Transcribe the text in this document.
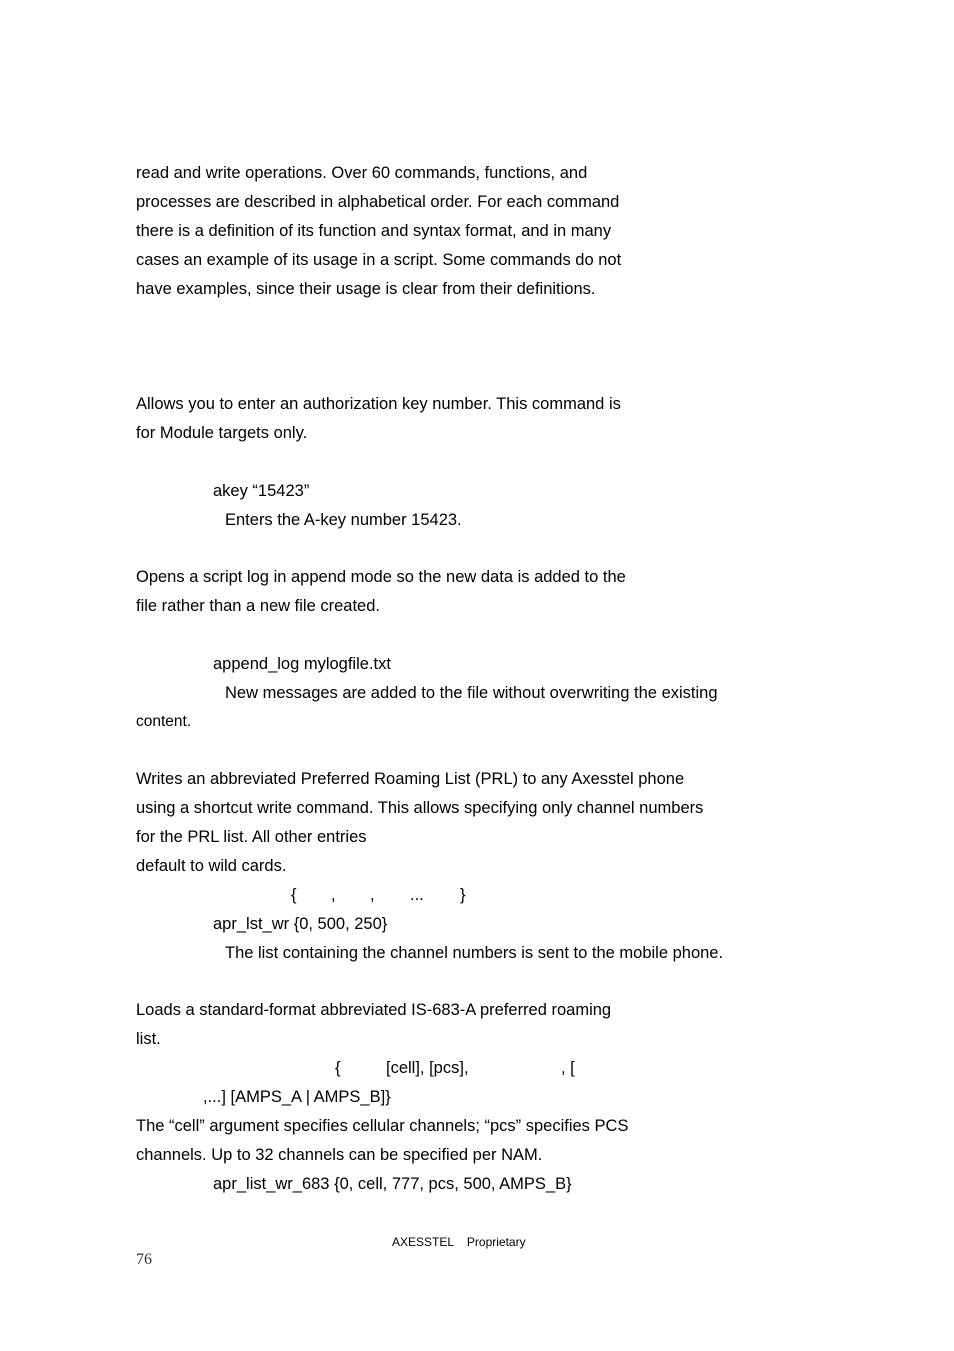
read and write operations. Over 60 commands, functions, and
processes are described in alphabetical order. For each command
there is a definition of its function and syntax format, and in many
cases an example of its usage in a script. Some commands do not
have examples, since their usage is clear from their definitions.
Allows you to enter an authorization key number. This command is
for Module targets only.
akey “15423”
Enters the A-key number 15423.
Opens a script log in append mode so the new data is added to the
file rather than a new file created.
append_log mylogfile.txt
New messages are added to the file without overwriting the existing
content.
Writes an abbreviated Preferred Roaming List (PRL) to any Axesstel phone
using a shortcut write command. This allows specifying only channel numbers
for the PRL list. All other entries
default to wild cards.
{ , , ... }
apr_lst_wr {0, 500, 250}
The list containing the channel numbers is sent to the mobile phone.
Loads a standard-format abbreviated IS-683-A preferred roaming
list.
{	[cell], [pcs],	, [
,...] [AMPS_A | AMPS_B]}
The “cell” argument specifies cellular channels; “pcs” specifies PCS
channels. Up to 32 channels can be specified per NAM.
apr_list_wr_683 {0, cell, 777, pcs, 500, AMPS_B}
AXESSTEL    Proprietary
76
